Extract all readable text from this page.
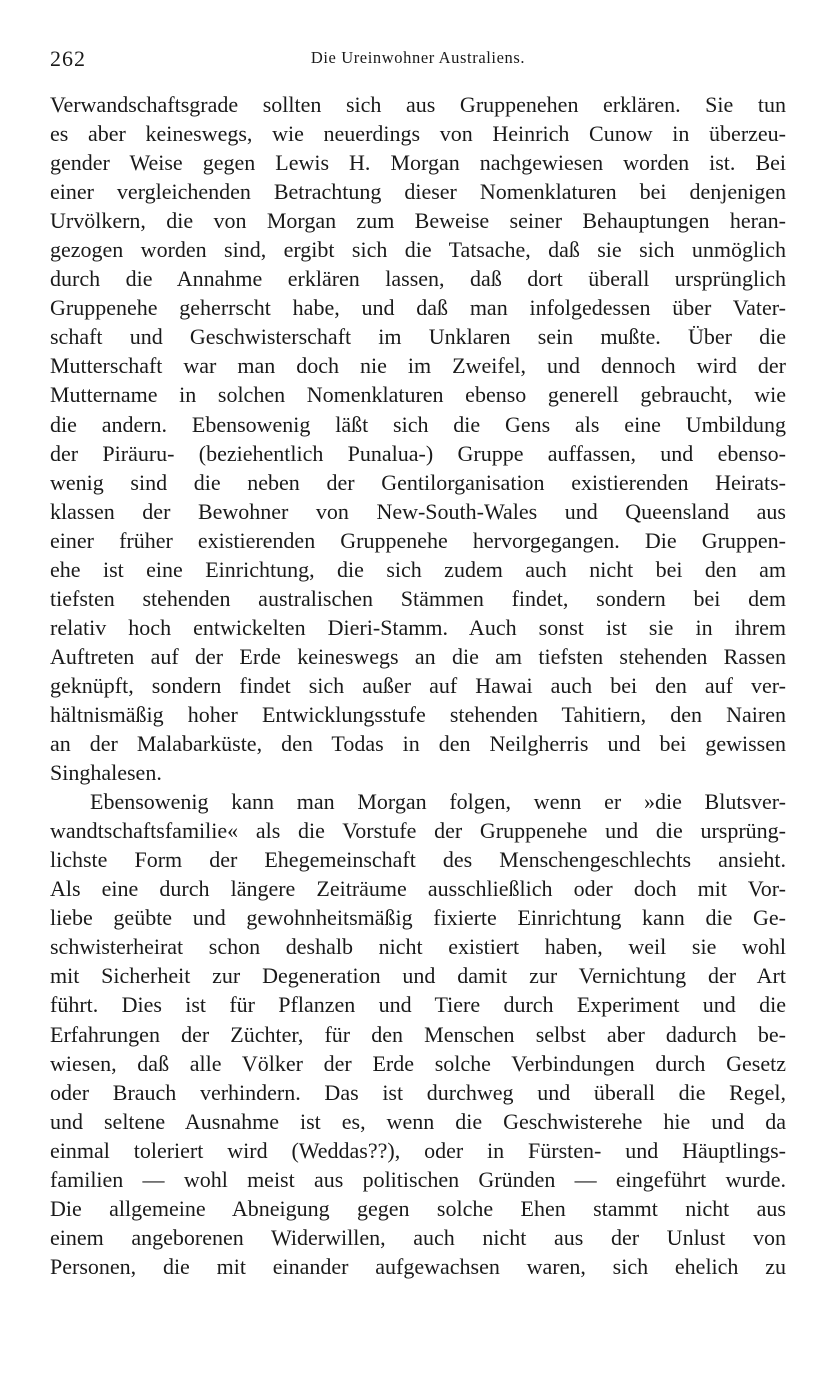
262	Die Ureinwohner Australiens.

Verwandschaftsgrade sollten sich aus Gruppenehen erklären. Sie tun
es aber keineswegs, wie neuerdings von Heinrich Cunow in überzeu-
gender Weise gegen Lewis H. Morgan nachgewiesen worden ist. Bei
einer vergleichenden Betrachtung dieser Nomenklaturen bei denjenigen
Urvölkern, die von Morgan zum Beweise seiner Behauptungen heran-
gezogen worden sind, ergibt sich die Tatsache, daß sie sich unmöglich
durch die Annahme erklären lassen, daß dort überall ursprünglich
Gruppenehe geherrscht habe, und daß man infolgedessen über Vater-
schaft und Geschwisterschaft im Unklaren sein mußte. Über die
Mutterschaft war man doch nie im Zweifel, und dennoch wird der
Muttername in solchen Nomenklaturen ebenso generell gebraucht, wie
die andern. Ebensowenig läßt sich die Gens als eine Umbildung
der Piräuru- (beziehentlich Punalua-) Gruppe auffassen, und ebenso-
wenig sind die neben der Gentilorganisation existierenden Heirats-
klassen der Bewohner von New-South-Wales und Queensland aus
einer früher existierenden Gruppenehe hervorgegangen. Die Gruppen-
ehe ist eine Einrichtung, die sich zudem auch nicht bei den am
tiefsten stehenden australischen Stämmen findet, sondern bei dem
relativ hoch entwickelten Dieri-Stamm. Auch sonst ist sie in ihrem
Auftreten auf der Erde keineswegs an die am tiefsten stehenden Rassen
geknüpft, sondern findet sich außer auf Hawai auch bei den auf ver-
hältnismäßig hoher Entwicklungsstufe stehenden Tahitiern, den Nairen
an der Malabarküste, den Todas in den Neilgherris und bei gewissen
Singhalesen.

Ebensowenig kann man Morgan folgen, wenn er »die Blutsver-
wandtschaftsfamilie« als die Vorstufe der Gruppenehe und die ursprüng-
lichste Form der Ehegemeinschaft des Menschengeschlechts ansieht.
Als eine durch längere Zeiträume ausschließlich oder doch mit Vor-
liebe geübte und gewohnheitsmäßig fixierte Einrichtung kann die Ge-
schwisterheirat schon deshalb nicht existiert haben, weil sie wohl
mit Sicherheit zur Degeneration und damit zur Vernichtung der Art
führt. Dies ist für Pflanzen und Tiere durch Experiment und die
Erfahrungen der Züchter, für den Menschen selbst aber dadurch be-
wiesen, daß alle Völker der Erde solche Verbindungen durch Gesetz
oder Brauch verhindern. Das ist durchweg und überall die Regel,
und seltene Ausnahme ist es, wenn die Geschwisterehe hie und da
einmal toleriert wird (Weddas??), oder in Fürsten- und Häuptlings-
familien — wohl meist aus politischen Gründen — eingeführt wurde.
Die allgemeine Abneigung gegen solche Ehen stammt nicht aus
einem angeborenen Widerwillen, auch nicht aus der Unlust von
Personen, die mit einander aufgewachsen waren, sich ehelich zu
